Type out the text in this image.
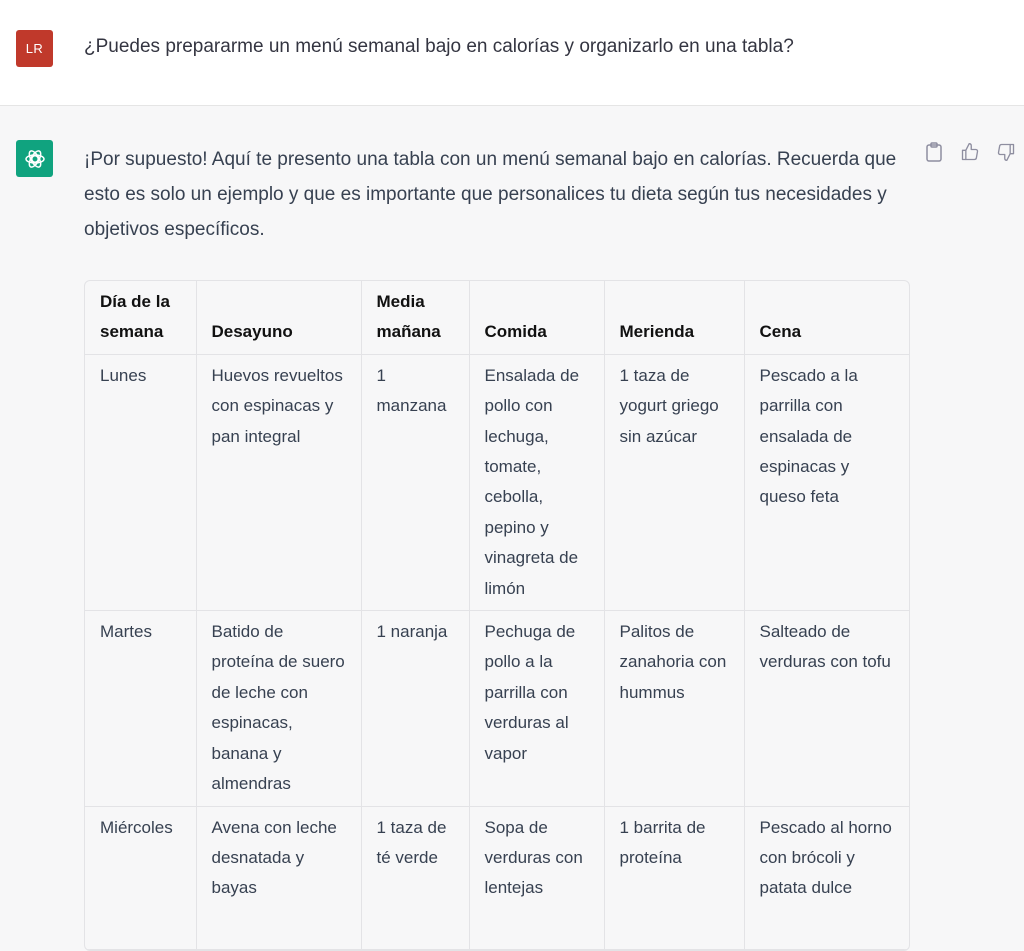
LR	¿Puedes prepararme un menú semanal bajo en calorías y organizarlo en una tabla?
¡Por supuesto! Aquí te presento una tabla con un menú semanal bajo en calorías. Recuerda que esto es solo un ejemplo y que es importante que personalices tu dieta según tus necesidades y objetivos específicos.
Día de la semana	Desayuno	Media mañana	Comida	Merienda	Cena
Lunes	Huevos revueltos con espinacas y pan integral	1 manzana	Ensalada de pollo con lechuga, tomate, cebolla, pepino y vinagreta de limón	1 taza de yogurt griego sin azúcar	Pescado a la parrilla con ensalada de espinacas y queso feta
Martes	Batido de proteína de suero de leche con espinacas, banana y almendras	1 naranja	Pechuga de pollo a la parrilla con verduras al vapor	Palitos de zanahoria con hummus	Salteado de verduras con tofu
Miércoles	Avena con leche desnatada y bayas	1 taza de té verde	Sopa de verduras con lentejas	1 barrita de proteína	Pescado al horno con brócoli y patata dulce
